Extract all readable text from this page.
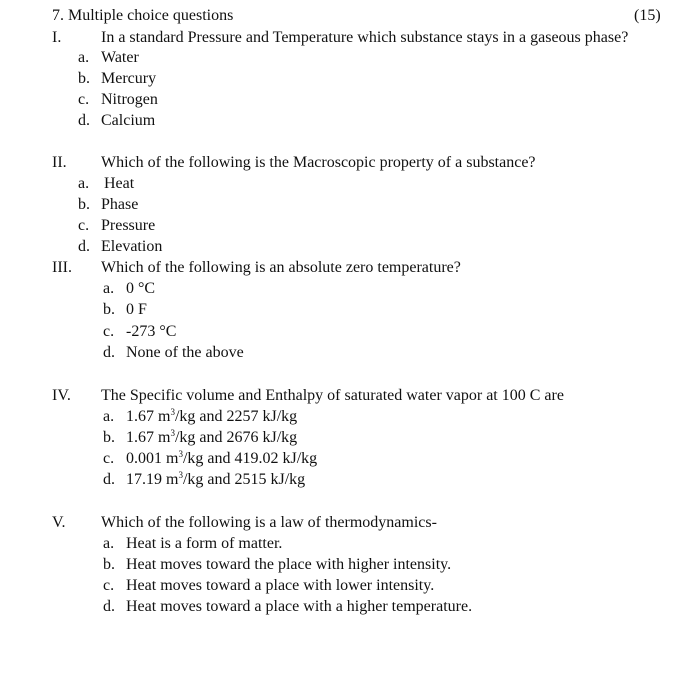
7. Multiple choice questions	(15)
I. In a standard Pressure and Temperature which substance stays in a gaseous phase?
a. Water
b. Mercury
c. Nitrogen
d. Calcium
II. Which of the following is the Macroscopic property of a substance?
a. Heat
b. Phase
c. Pressure
d. Elevation
III. Which of the following is an absolute zero temperature?
a. 0 °C
b. 0 F
c. -273 °C
d. None of the above
IV. The Specific volume and Enthalpy of saturated water vapor at 100 C are
a. 1.67 $m^3/kg$ and 2257 kJ/kg
b. 1.67 $m^3/kg$ and 2676 kJ/kg
c. 0.001 $m^3/kg$ and 419.02 kJ/kg
d. 17.19 $m^3/kg$ and 2515 kJ/kg
V. Which of the following is a law of thermodynamics-
a. Heat is a form of matter.
b. Heat moves toward the place with higher intensity.
c. Heat moves toward a place with lower intensity.
d. Heat moves toward a place with a higher temperature.
